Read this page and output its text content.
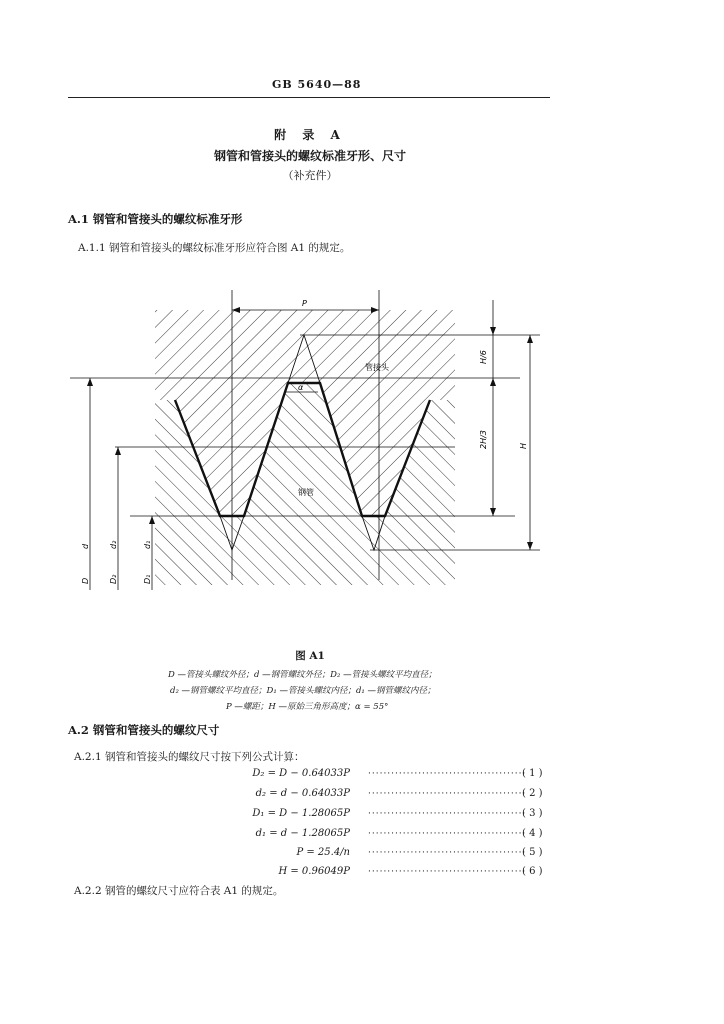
GB 5640—88
附 录 A
钢管和管接头的螺纹标准牙形、尺寸
（补充件）
A.1 钢管和管接头的螺纹标准牙形
A.1.1 钢管和管接头的螺纹标准牙形应符合图 A1 的规定。
P
α
管接头
钢管
H/6
2H/3	H
D
d
D₂
d₂
D₁
d₁
图 A1
D —管接头螺纹外径；d —钢管螺纹外径；D₂ —管接头螺纹平均直径；
d₂ —钢管螺纹平均直径；D₁ —管接头螺纹内径；d₁ —钢管螺纹内径；
P —螺距；H —原始三角形高度；α = 55°
A.2 钢管和管接头的螺纹尺寸
A.2.1 钢管和管接头的螺纹尺寸按下列公式计算：
D₂ = D − 0.64033P ·········································
( 1 )
d₂ = d − 0.64033P ·········································
( 2 )
D₁ = D − 1.28065P ·········································
( 3 )
d₁ = d − 1.28065P ·········································
( 4 )
P = 25.4/n ·········································
( 5 )
H = 0.96049P ·········································
( 6 )
A.2.2 钢管的螺纹尺寸应符合表 A1 的规定。
